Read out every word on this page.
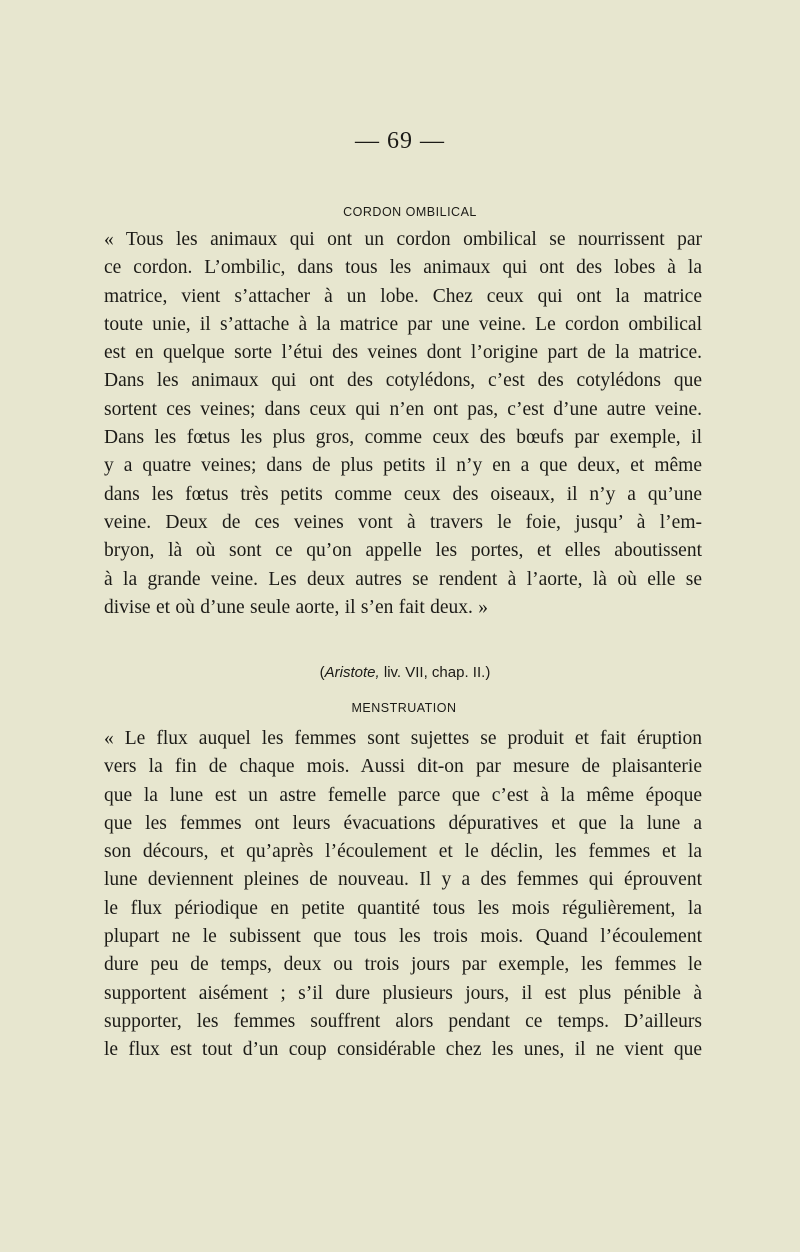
— 69 —
CORDON OMBILICAL

« Tous les animaux qui ont un cordon ombilical se nourrissent par
ce cordon. L’ombilic, dans tous les animaux qui ont des lobes à la
matrice, vient s’attacher à un lobe. Chez ceux qui ont la matrice
toute unie, il s’attache à la matrice par une veine. Le cordon ombilical
est en quelque sorte l’étui des veines dont l’origine part de la matrice.
Dans les animaux qui ont des cotylédons, c’est des cotylédons que
sortent ces veines; dans ceux qui n’en ont pas, c’est d’une autre veine.
Dans les fœtus les plus gros, comme ceux des bœufs par exemple, il
y a quatre veines; dans de plus petits il n’y en a que deux, et même
dans les fœtus très petits comme ceux des oiseaux, il n’y a qu’une
veine. Deux de ces veines vont à travers le foie, jusqu’ à l’em-
bryon, là où sont ce qu’on appelle les portes, et elles aboutissent
à la grande veine. Les deux autres se rendent à l’aorte, là où elle se
divise et où d’une seule aorte, il s’en fait deux. »

(Aristote, liv. VII, chap. II.)
MENSTRUATION

« Le flux auquel les femmes sont sujettes se produit et fait éruption
vers la fin de chaque mois. Aussi dit-on par mesure de plaisanterie
que la lune est un astre femelle parce que c’est à la même époque
que les femmes ont leurs évacuations dépuratives et que la lune a
son décours, et qu’après l’écoulement et le déclin, les femmes et la
lune deviennent pleines de nouveau. Il y a des femmes qui éprouvent
le flux périodique en petite quantité tous les mois régulièrement, la
plupart ne le subissent que tous les trois mois. Quand l’écoulement
dure peu de temps, deux ou trois jours par exemple, les femmes le
supportent aisément ; s’il dure plusieurs jours, il est plus pénible à
supporter, les femmes souffrent alors pendant ce temps. D’ailleurs
le flux est tout d’un coup considérable chez les unes, il ne vient que
